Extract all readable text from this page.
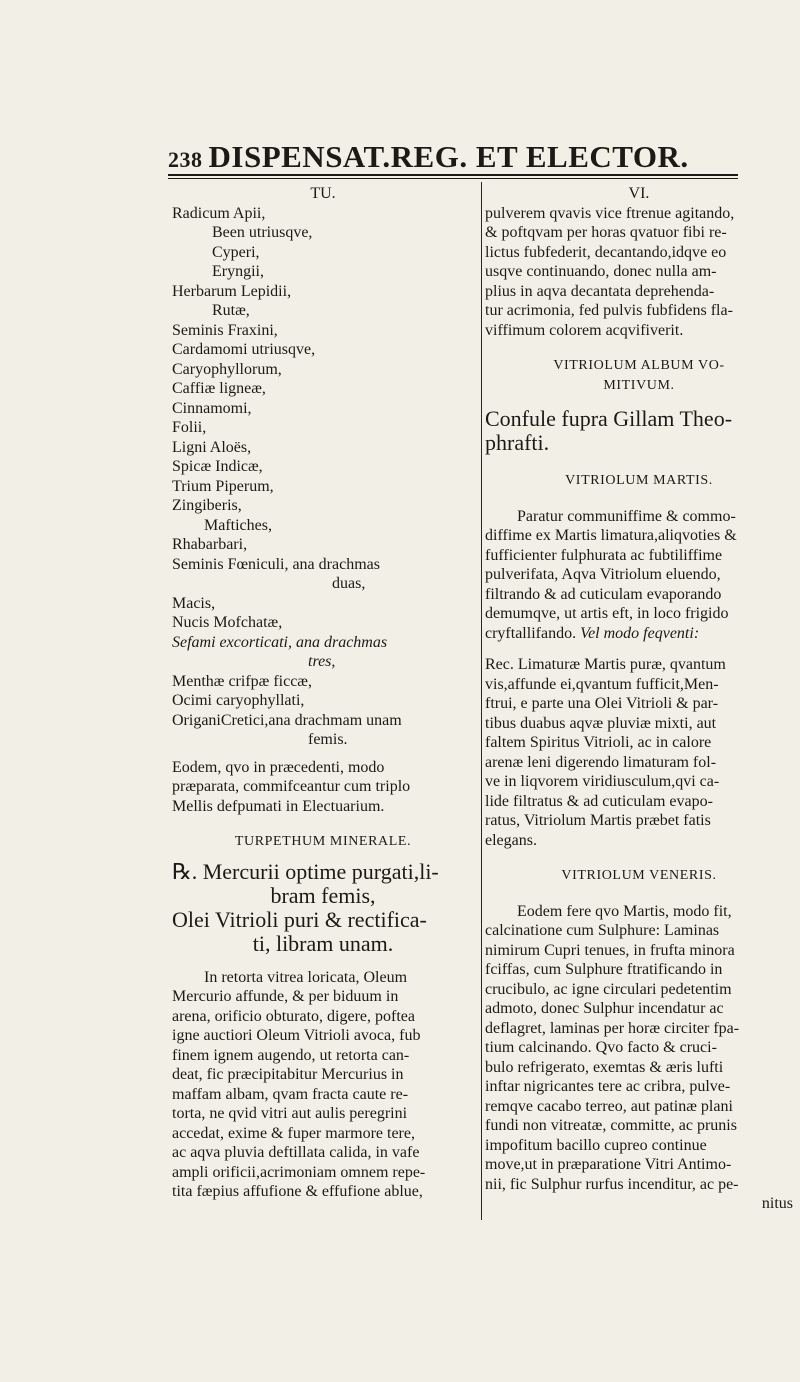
238 DISPENSAT.REG. ET ELECTOR.

TU.

Radicum Apii,

Been utriusqve,

Cyperi,

Eryngii,

Herbarum Lepidii,

Rutæ,

Seminis Fraxini,

Cardamomi utriusqve,

Caryophyllorum,

Caffiæ ligneæ,

Cinnamomi,

Folii,

Ligni Aloës,

Spicæ Indicæ,

Trium Piperum,

Zingiberis,

Maftiches,

Rhabarbari,

Seminis Fœniculi, ana drachmas

duas,

Macis,

Nucis Mofchatæ,

Sefami excorticati, ana drachmas

tres,

Menthæ crifpæ ficcæ,

Ocimi caryophyllati,

OriganiCretici,ana drachmam unam

femis.

Eodem, qvo in præcedenti, modo

præparata, commifceantur cum triplo

Mellis defpumati in Electuarium.

TURPETHUM MINERALE.

℞. Mercurii optime purgati,li-

bram femis,

Olei Vitrioli puri & rectifica-

ti, libram unam.

In retorta vitrea loricata, Oleum

Mercurio affunde, & per biduum in

arena, orificio obturato, digere, poftea

igne auctiori Oleum Vitrioli avoca, fub

finem ignem augendo, ut retorta can-

deat, fic præcipitabitur Mercurius in

maffam albam, qvam fracta caute re-

torta, ne qvid vitri aut aulis peregrini

accedat, exime & fuper marmore tere,

ac aqva pluvia deftillata calida, in vafe

ampli orificii,acrimoniam omnem repe-

tita fæpius affufione & effufione ablue,

VI.

pulverem qvavis vice ftrenue agitando,

& poftqvam per horas qvatuor fibi re-

lictus fubfederit, decantando,idqve eo

usqve continuando, donec nulla am-

plius in aqva decantata deprehenda-

tur acrimonia, fed pulvis fubfidens fla-

viffimum colorem acqvifiverit.

VITRIOLUM ALBUM VO-

MITIVUM.

Confule fupra Gillam Theo-

phrafti.

VITRIOLUM MARTIS.

Paratur communiffime & commo-

diffime ex Martis limatura,aliqvoties &

fufficienter fulphurata ac fubtiliffime

pulverifata, Aqva Vitriolum eluendo,

filtrando & ad cuticulam evaporando

demumqve, ut artis eft, in loco frigido

cryftallifando. Vel modo feqventi:

Rec. Limaturæ Martis puræ, qvantum

vis,affunde ei,qvantum fufficit,Men-

ftrui, e parte una Olei Vitrioli & par-

tibus duabus aqvæ pluviæ mixti, aut

faltem Spiritus Vitrioli, ac in calore

arenæ leni digerendo limaturam fol-

ve in liqvorem viridiusculum,qvi ca-

lide filtratus & ad cuticulam evapo-

ratus, Vitriolum Martis præbet fatis

elegans.

VITRIOLUM VENERIS.

Eodem fere qvo Martis, modo fit,

calcinatione cum Sulphure: Laminas

nimirum Cupri tenues, in frufta minora

fciffas, cum Sulphure ftratificando in

crucibulo, ac igne circulari pedetentim

admoto, donec Sulphur incendatur ac

deflagret, laminas per horæ circiter fpa-

tium calcinando. Qvo facto & cruci-

bulo refrigerato, exemtas & æris lufti

inftar nigricantes tere ac cribra, pulve-

remqve cacabo terreo, aut patinæ plani

fundi non vitreatæ, committe, ac prunis

impofitum bacillo cupreo continue

move,ut in præparatione Vitri Antimo-

nii, fic Sulphur rurfus incenditur, ac pe-

nitus
